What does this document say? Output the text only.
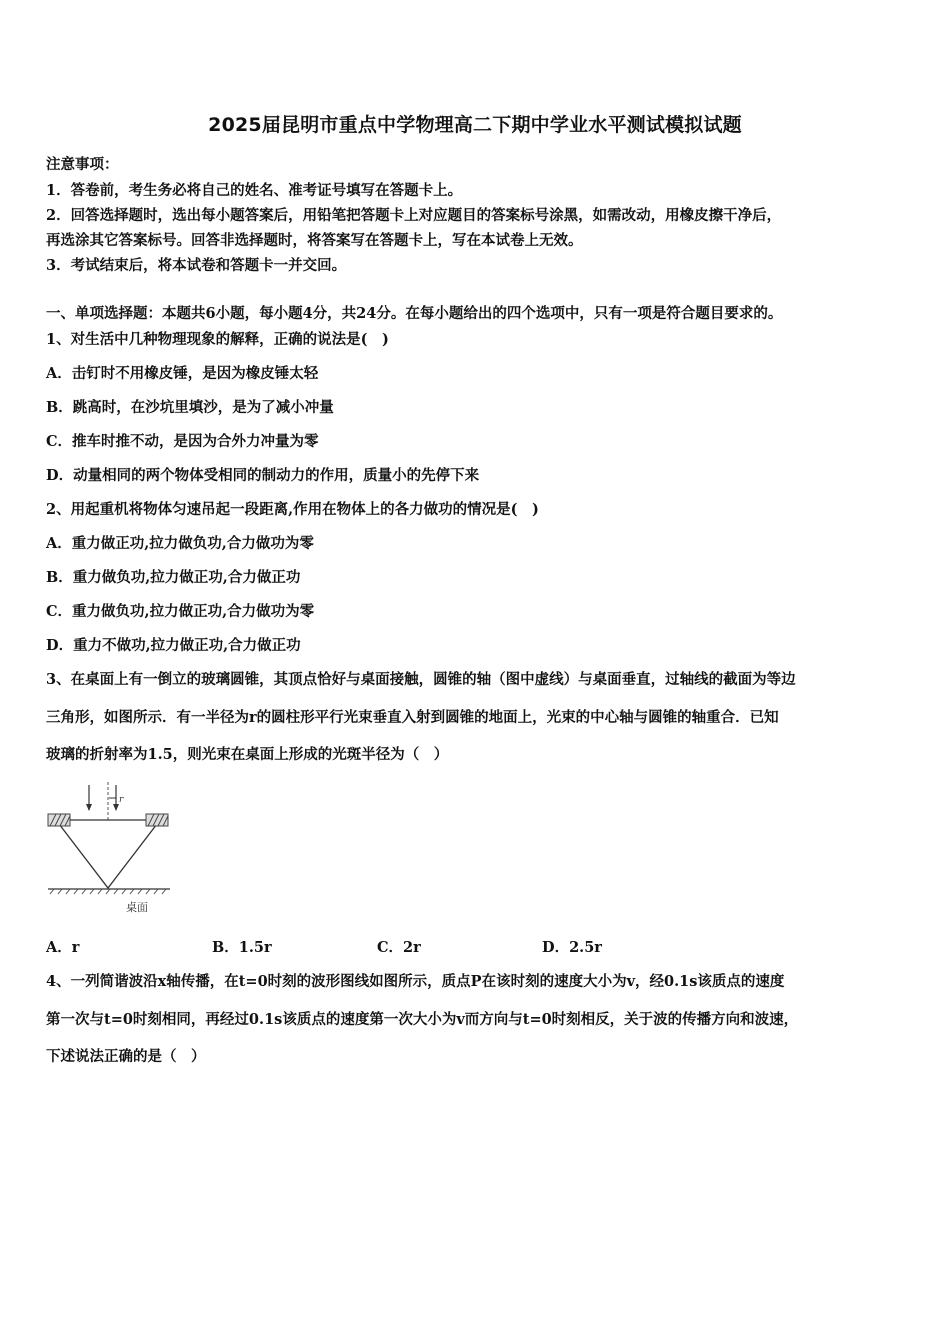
2025届昆明市重点中学物理高二下期中学业水平测试模拟试题
注意事项：
1．答卷前，考生务必将自己的姓名、准考证号填写在答题卡上。
2．回答选择题时，选出每小题答案后，用铅笔把答题卡上对应题目的答案标号涂黑，如需改动，用橡皮擦干净后，
再选涂其它答案标号。回答非选择题时，将答案写在答题卡上，写在本试卷上无效。
3．考试结束后，将本试卷和答题卡一并交回。
一、单项选择题：本题共6小题，每小题4分，共24分。在每小题给出的四个选项中，只有一项是符合题目要求的。
1、对生活中几种物理现象的解释，正确的说法是(　)
A．击钉时不用橡皮锤，是因为橡皮锤太轻
B．跳高时，在沙坑里填沙，是为了减小冲量
C．推车时推不动，是因为合外力冲量为零
D．动量相同的两个物体受相同的制动力的作用，质量小的先停下来
2、用起重机将物体匀速吊起一段距离,作用在物体上的各力做功的情况是(　)
A．重力做正功,拉力做负功,合力做功为零
B．重力做负功,拉力做正功,合力做正功
C．重力做负功,拉力做正功,合力做功为零
D．重力不做功,拉力做正功,合力做正功
3、在桌面上有一倒立的玻璃圆锥，其顶点恰好与桌面接触，圆锥的轴（图中虚线）与桌面垂直，过轴线的截面为等边
三角形，如图所示．有一半径为r的圆柱形平行光束垂直入射到圆锥的地面上，光束的中心轴与圆锥的轴重合．已知
玻璃的折射率为1.5，则光束在桌面上形成的光斑半径为（　）
r
桌面
A．r	B．1.5r	C．2r	D．2.5r
4、一列简谐波沿x轴传播，在t=0时刻的波形图线如图所示，质点P在该时刻的速度大小为v，经0.1s该质点的速度
第一次与t=0时刻相同，再经过0.1s该质点的速度第一次大小为v而方向与t=0时刻相反，关于波的传播方向和波速，
下述说法正确的是（　）
